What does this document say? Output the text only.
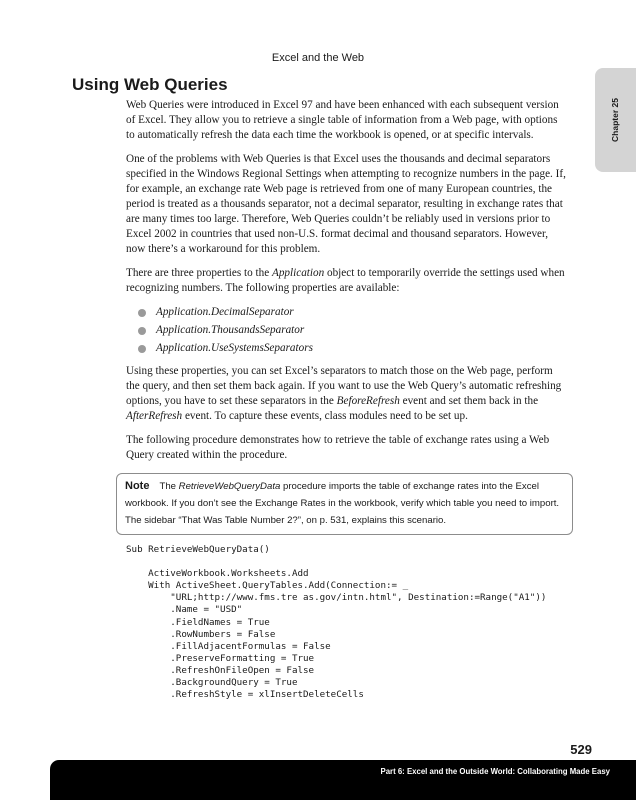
Excel and the Web
Chapter 25
Using Web Queries

Web Queries were introduced in Excel 97 and have been enhanced with each subsequent version of Excel. They allow you to retrieve a single table of information from a Web page, with options to automatically refresh the data each time the workbook is opened, or at specific intervals.

One of the problems with Web Queries is that Excel uses the thousands and decimal separators specified in the Windows Regional Settings when attempting to recognize numbers in the page. If, for example, an exchange rate Web page is retrieved from one of many European countries, the period is treated as a thousands separator, not a decimal separator, resulting in exchange rates that are many times too large. Therefore, Web Queries couldn’t be reliably used in versions prior to Excel 2002 in countries that used non-U.S. format decimal and thousand separators. However, now there’s a workaround for this problem.

There are three properties to the Application object to temporarily override the settings used when recognizing numbers. The following properties are available:

Application.DecimalSeparator
Application.ThousandsSeparator
Application.UseSystemsSeparators

Using these properties, you can set Excel’s separators to match those on the Web page, perform the query, and then set them back again. If you want to use the Web Query’s automatic refreshing options, you have to set these separators in the BeforeRefresh event and set them back in the AfterRefresh event. To capture these events, class modules need to be set up.

The following procedure demonstrates how to retrieve the table of exchange rates using a Web Query created within the procedure.

Note The RetrieveWebQueryData procedure imports the table of exchange rates into the Excel workbook. If you don’t see the Exchange Rates in the workbook, verify which table you need to import. The sidebar “That Was Table Number 2?”, on p. 531, explains this scenario.
Sub RetrieveWebQueryData()

ActiveWorkbook.Worksheets.Add
With ActiveSheet.QueryTables.Add(Connection:= _
"URL;http://www.fms.tre as.gov/intn.html", Destination:=Range("A1"))
.Name = "USD"
.FieldNames = True
.RowNumbers = False
.FillAdjacentFormulas = False
.PreserveFormatting = True
.RefreshOnFileOpen = False
.BackgroundQuery = True
.RefreshStyle = xlInsertDeleteCells
529
Part 6: Excel and the Outside World: Collaborating Made Easy
